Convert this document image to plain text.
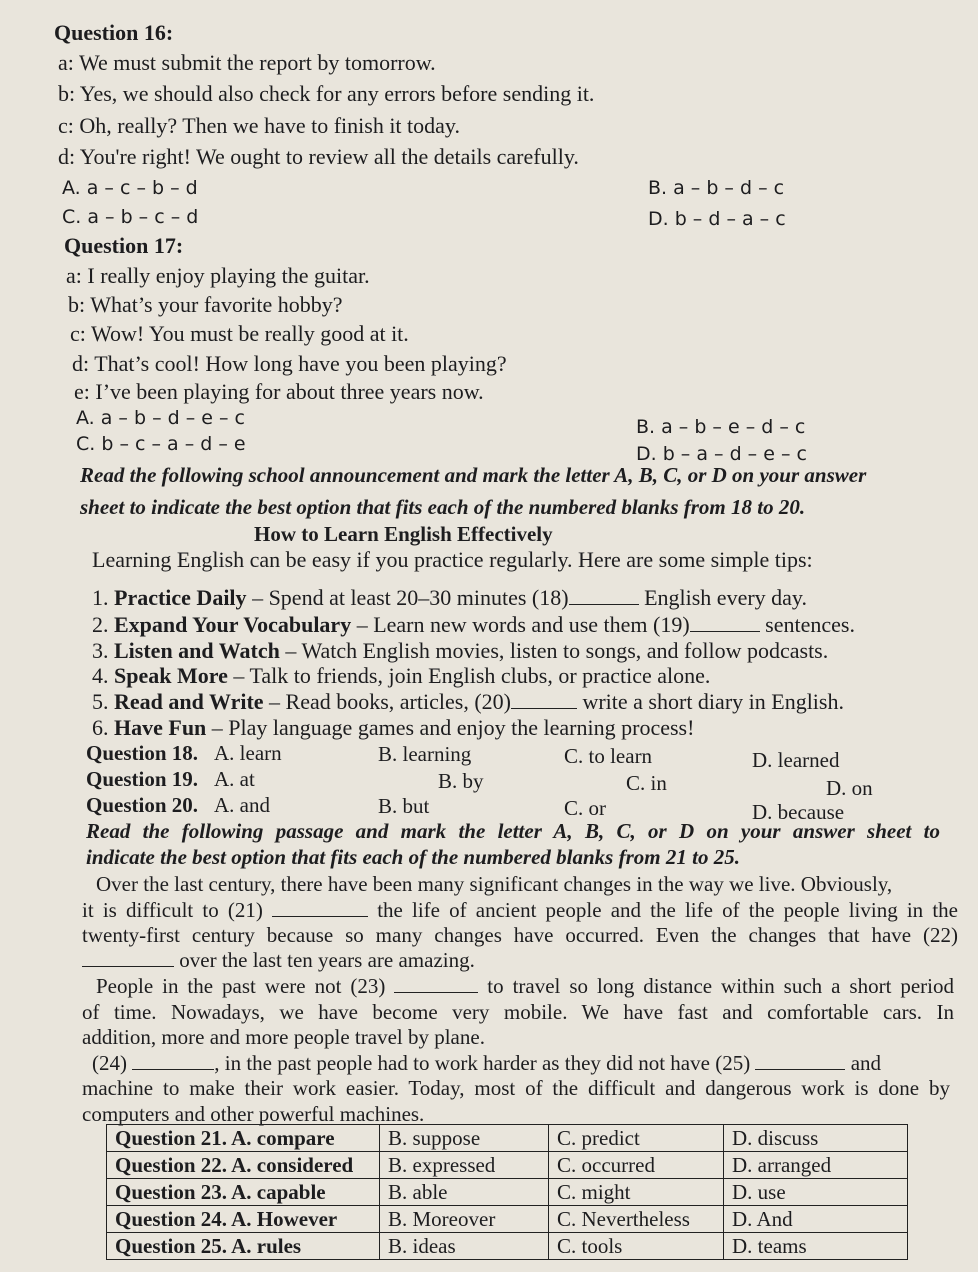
Question 16:
a: We must submit the report by tomorrow.
b: Yes, we should also check for any errors before sending it.
c: Oh, really? Then we have to finish it today.
d: You're right! We ought to review all the details carefully.
A. a – c – b – d	B. a – b – d – c
C. a – b – c – d	D. b – d – a – c
Question 17:
a: I really enjoy playing the guitar.
b: What’s your favorite hobby?
c: Wow! You must be really good at it.
d: That’s cool! How long have you been playing?
e: I’ve been playing for about three years now.
A. a – b – d – e – c	B. a – b – e – d – c
C. b – c – a – d – e	D. b – a – d – e – c
Read the following school announcement and mark the letter A, B, C, or D on your answer
sheet to indicate the best option that fits each of the numbered blanks from 18 to 20.
How to Learn English Effectively
Learning English can be easy if you practice regularly. Here are some simple tips:
1. Practice Daily – Spend at least 20–30 minutes (18)	English every day.
2. Expand Your Vocabulary – Learn new words and use them (19)	sentences.
3. Listen and Watch – Watch English movies, listen to songs, and follow podcasts.
4. Speak More – Talk to friends, join English clubs, or practice alone.
5. Read and Write – Read books, articles, (20)	write a short diary in English.
6. Have Fun – Play language games and enjoy the learning process!
Question 18. A. learn	B. learning	C. to learn	D. learned
Question 19. A. at	B. by	C. in	D. on
Question 20. A. and	B. but	C. or	D. because
Read the following passage and mark the letter A, B, C, or D on your answer sheet to
indicate the best option that fits each of the numbered blanks from 21 to 25.
Over the last century, there have been many significant changes in the way we live. Obviously,
it is difficult to (21)	the life of ancient people and the life of the people living in the
twenty-first century because so many changes have occurred. Even the changes that have (22)
over the last ten years are amazing.
People in the past were not (23)	to travel so long distance within such a short period
of time. Nowadays, we have become very mobile. We have fast and comfortable cars. In
addition, more and more people travel by plane.
(24)	, in the past people had to work harder as they did not have (25)	and
machine to make their work easier. Today, most of the difficult and dangerous work is done by
computers and other powerful machines.
Question 21. A. compare	B. suppose	C. predict	D. discuss
Question 22. A. considered	B. expressed	C. occurred	D. arranged
Question 23. A. capable	B. able	C. might	D. use
Question 24. A. However	B. Moreover	C. Nevertheless	D. And
Question 25. A. rules	B. ideas	C. tools	D. teams
